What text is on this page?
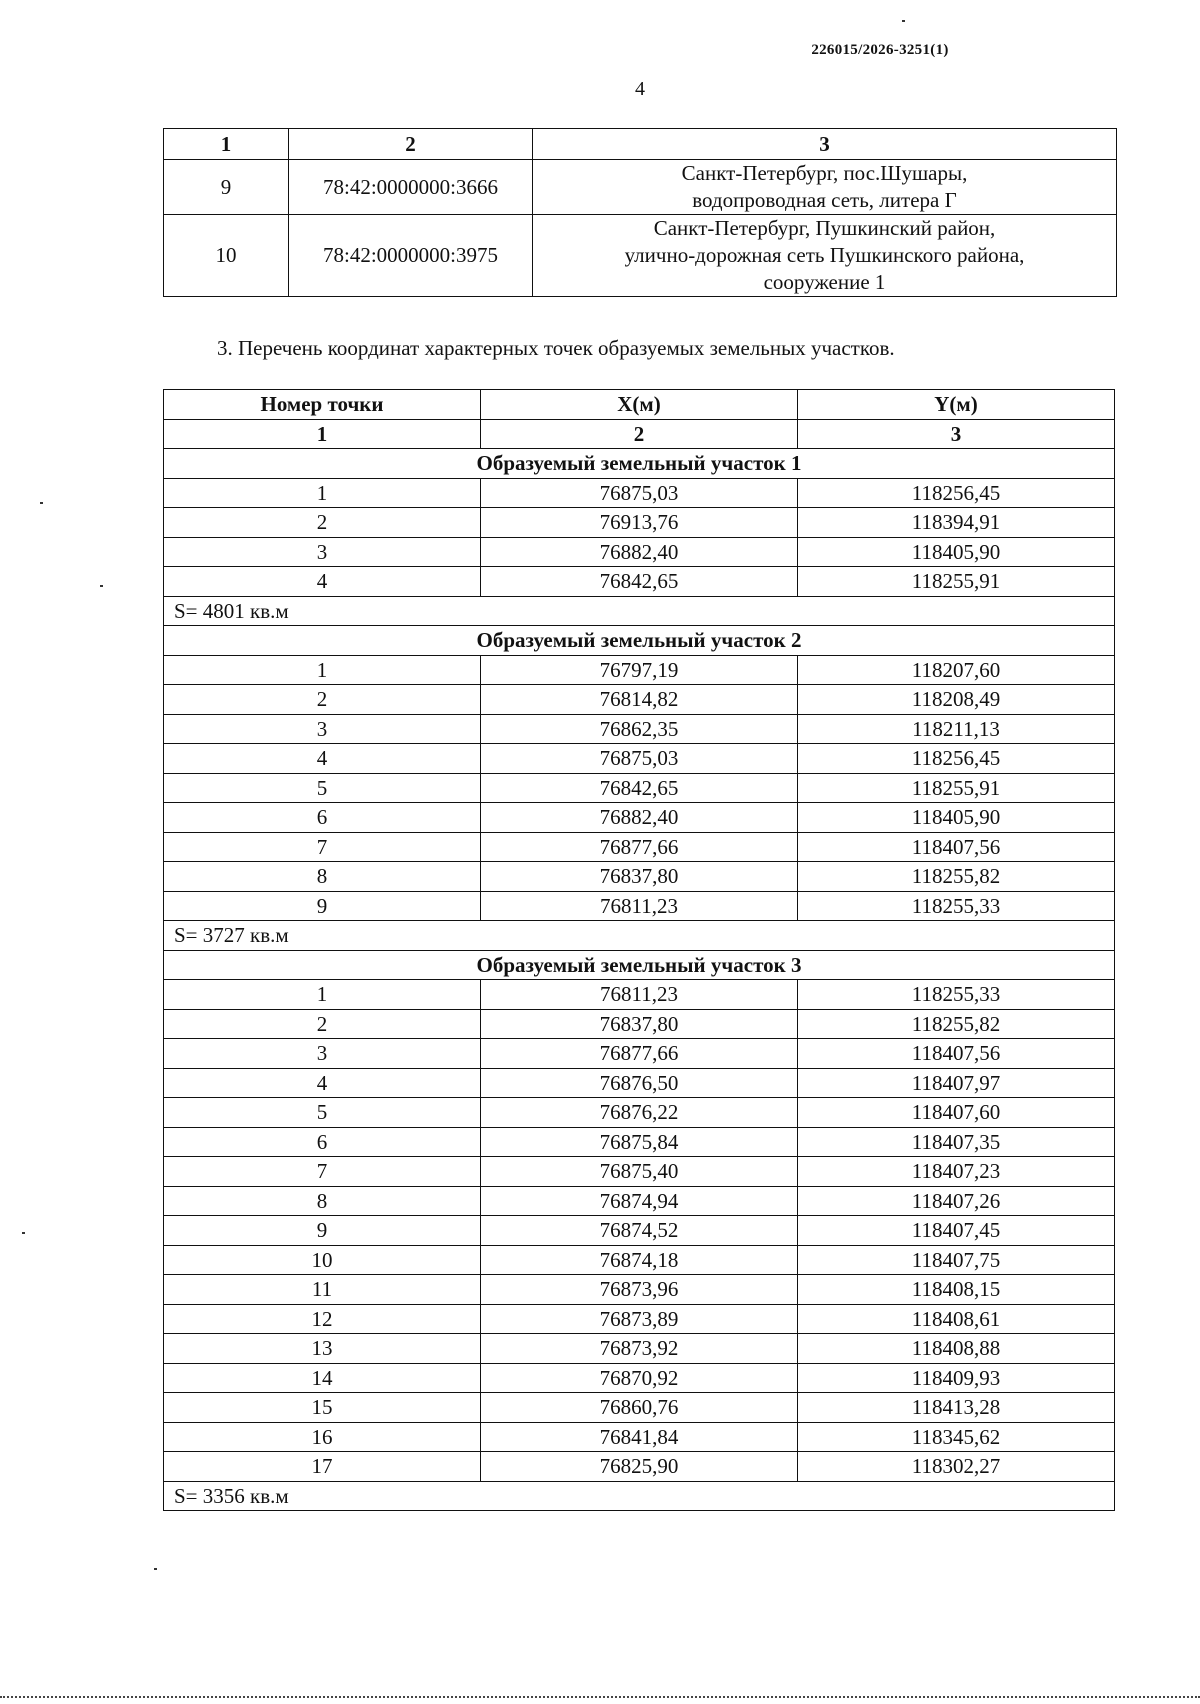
226015/2026-3251(1)
4
1	2	3
9	78:42:0000000:3666	Санкт-Петербург, пос.Шушары,
водопроводная сеть, литера Г

10	78:42:0000000:3975	Санкт-Петербург, Пушкинский район,
улично-дорожная сеть Пушкинского района,
сооружение 1
3. Перечень координат характерных точек образуемых земельных участков.
Номер точки	X(м)	Y(м)
1	2	3
Образуемый земельный участок 1		
1	76875,03	118256,45
2	76913,76	118394,91
3	76882,40	118405,90
4	76842,65	118255,91
S= 4801 кв.м		
Образуемый земельный участок 2		
1	76797,19	118207,60
2	76814,82	118208,49
3	76862,35	118211,13
4	76875,03	118256,45
5	76842,65	118255,91
6	76882,40	118405,90
7	76877,66	118407,56
8	76837,80	118255,82
9	76811,23	118255,33
S= 3727 кв.м		
Образуемый земельный участок 3		
1	76811,23	118255,33
2	76837,80	118255,82
3	76877,66	118407,56
4	76876,50	118407,97
5	76876,22	118407,60
6	76875,84	118407,35
7	76875,40	118407,23
8	76874,94	118407,26
9	76874,52	118407,45
10	76874,18	118407,75
11	76873,96	118408,15
12	76873,89	118408,61
13	76873,92	118408,88
14	76870,92	118409,93
15	76860,76	118413,28
16	76841,84	118345,62
17	76825,90	118302,27
S= 3356 кв.м		
